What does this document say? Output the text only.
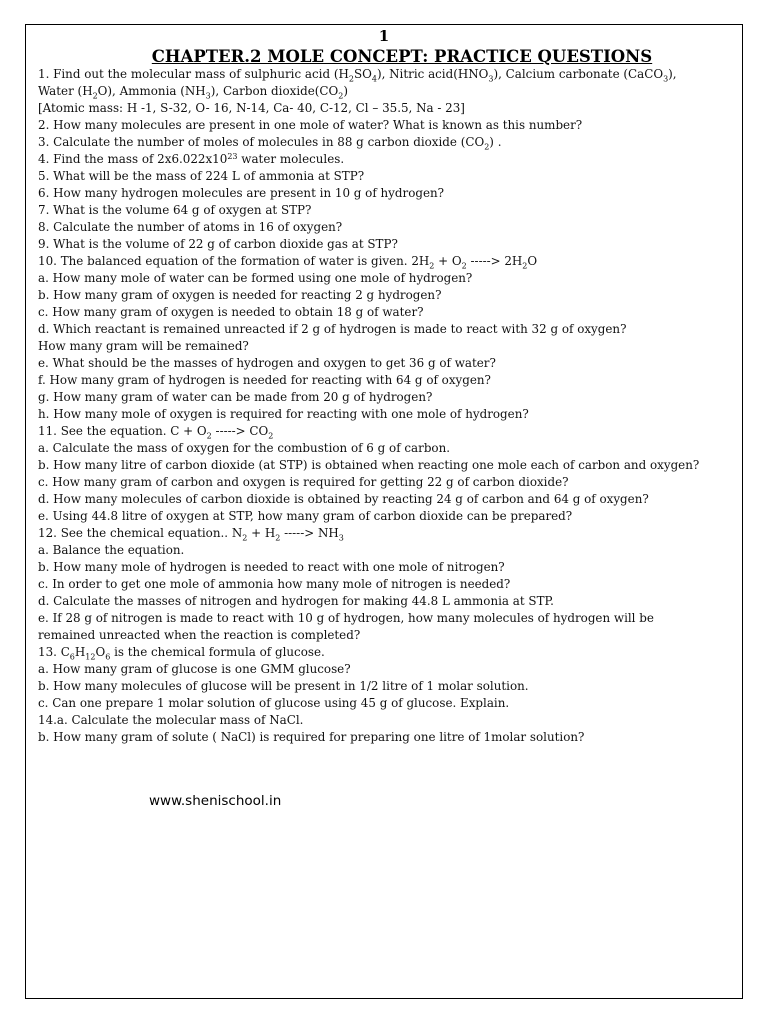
1
CHAPTER.2 MOLE CONCEPT: PRACTICE QUESTIONS
1. Find out the molecular mass of sulphuric acid $(H_2SO_4)$, Nitric $acid(HNO_3)$, Calcium carbonate (CaCO$_3$),
Water $(H_2O)$, Ammonia $(NH_3)$, Carbon $dioxide(CO_2)$
[Atomic mass: H -1, S-32, O- 16, N-14, Ca- 40, C-12, Cl – 35.5, Na - 23]
2. How many molecules are present in one mole of water? What is known as this number?
3. Calculate the number of moles of molecules in 88 g carbon dioxide $(CO_2)$ .
4. Find the mass of $2x6.022x10^{23}$ water molecules.
5. What will be the mass of 224 L of ammonia at STP?
6. How many hydrogen molecules are present in 10 g of hydrogen?
7. What is the volume 64 g of oxygen at STP?
8. Calculate the number of atoms in 16 of oxygen?
9. What is the volume of 22 g of carbon dioxide gas at STP?
10. The balanced equation of the formation of water is given. $2H_2 + O_2$ -----> $2H_2O$
a. How many mole of water can be formed using one mole of hydrogen?
b. How many gram of oxygen is needed for reacting 2 g hydrogen?
c. How many gram of oxygen is needed to obtain 18 g of water?
d. Which reactant is remained unreacted if 2 g of hydrogen is made to react with 32 g of oxygen?
How many gram will be remained?
e. What should be the masses of hydrogen and oxygen to get 36 g of water?
f. How many gram of hydrogen is needed for reacting with 64 g of oxygen?
g. How many gram of water can be made from 20 g of hydrogen?
h. How many mole of oxygen is required for reacting with one mole of hydrogen?
11. See the equation. $C + O_2$ -----> $CO_2$
a. Calculate the mass of oxygen for the combustion of 6 g of carbon.
b. How many litre of carbon dioxide (at STP) is obtained when reacting one mole each of carbon and oxygen?
c. How many gram of carbon and oxygen is required for getting 22 g of carbon dioxide?
d. How many molecules of carbon dioxide is obtained by reacting 24 g of carbon and 64 g of oxygen?
e. Using 44.8 litre of oxygen at STP, how many gram of carbon dioxide can be prepared?
12. See the chemical equation.. $N_2 + H_2$ -----> $NH_3$
a. Balance the equation.
b. How many mole of hydrogen is needed to react with one mole of nitrogen?
c. In order to get one mole of ammonia how many mole of nitrogen is needed?
d. Calculate the masses of nitrogen and hydrogen for making 44.8 L ammonia at STP.
e. If 28 g of nitrogen is made to react with 10 g of hydrogen, how many molecules of hydrogen will be
remained unreacted when the reaction is completed?
13. $C_6H_{12}O_6$ is the chemical formula of glucose.
a. How many gram of glucose is one GMM glucose?
b. How many molecules of glucose will be present in 1/2 litre of 1 molar solution.
c. Can one prepare 1 molar solution of glucose using 45 g of glucose. Explain.
14.a. Calculate the molecular mass of NaCl.
b. How many gram of solute ( NaCl) is required for preparing one litre of 1molar solution?
www.shenischool.in
